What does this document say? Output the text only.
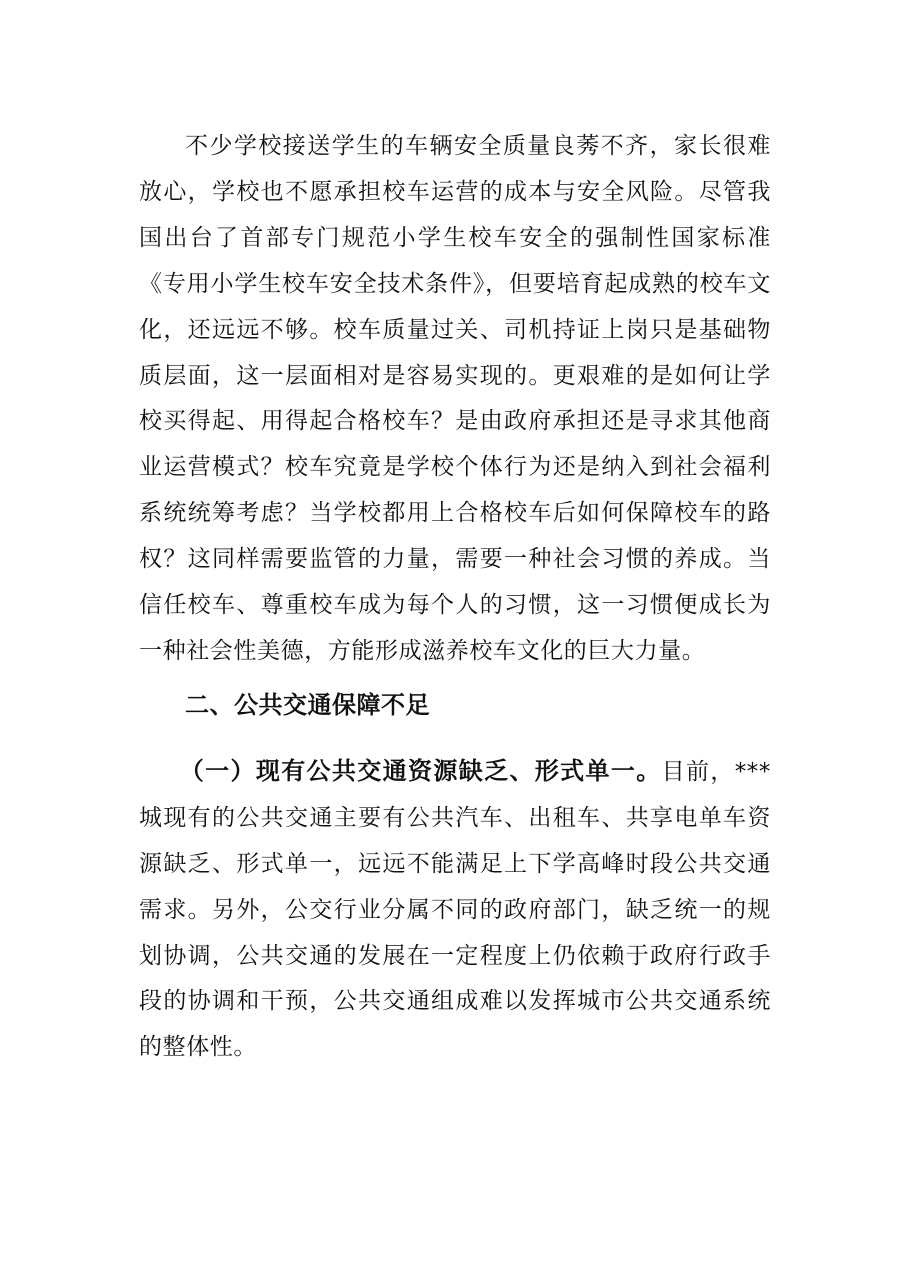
不少学校接送学生的车辆安全质量良莠不齐，家长很难放心，学校也不愿承担校车运营的成本与安全风险。尽管我国出台了首部专门规范小学生校车安全的强制性国家标准《专用小学生校车安全技术条件》，但要培育起成熟的校车文化，还远远不够。校车质量过关、司机持证上岗只是基础物质层面，这一层面相对是容易实现的。更艰难的是如何让学校买得起、用得起合格校车？是由政府承担还是寻求其他商业运营模式？校车究竟是学校个体行为还是纳入到社会福利系统统筹考虑？当学校都用上合格校车后如何保障校车的路权？这同样需要监管的力量，需要一种社会习惯的养成。当信任校车、尊重校车成为每个人的习惯，这一习惯便成长为一种社会性美德，方能形成滋养校车文化的巨大力量。

二、公共交通保障不足

（一）现有公共交通资源缺乏、形式单一。目前，***城现有的公共交通主要有公共汽车、出租车、共享电单车资源缺乏、形式单一，远远不能满足上下学高峰时段公共交通需求。另外，公交行业分属不同的政府部门，缺乏统一的规划协调，公共交通的发展在一定程度上仍依赖于政府行政手段的协调和干预，公共交通组成难以发挥城市公共交通系统的整体性。
